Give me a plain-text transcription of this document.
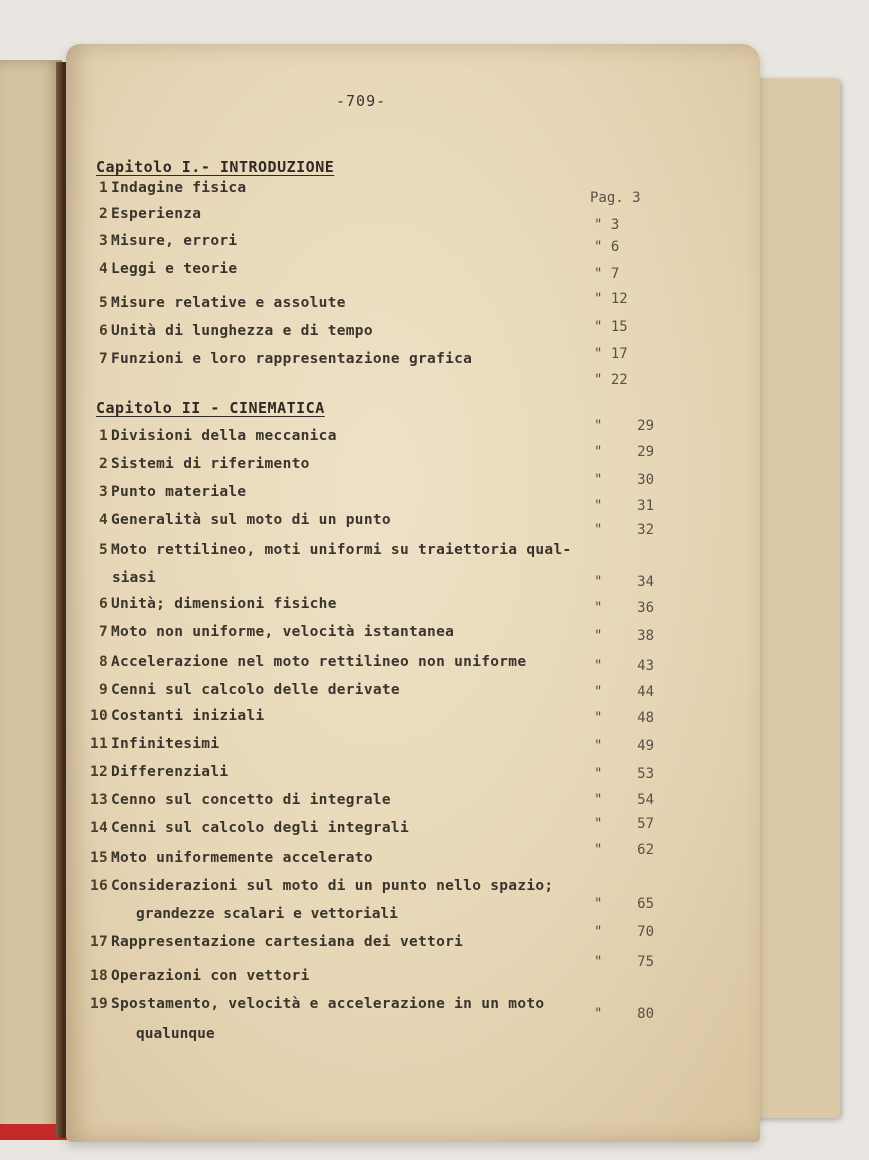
-709-
Capitolo I.- INTRODUZIONE
1 Indagine fisica
2 Esperienza
3 Misure, errori
4 Leggi e teorie
5 Misure relative e assolute
6 Unità di lunghezza e di tempo
7 Funzioni e loro rappresentazione grafica
Pag. 3
" 3
" 6
" 7
" 12
" 15
" 17
" 22
Capitolo II - CINEMATICA
1 Divisioni della meccanica
2 Sistemi di riferimento
3 Punto materiale
4 Generalità sul moto di un punto
5 Moto rettilineo, moti uniformi su traiettoria qual-
siasi
6 Unità; dimensioni fisiche
7 Moto non uniforme, velocità istantanea
8 Accelerazione nel moto rettilineo non uniforme
9 Cenni sul calcolo delle derivate
10 Costanti iniziali
11 Infinitesimi
12 Differenziali
13 Cenno sul concetto di integrale
14 Cenni sul calcolo degli integrali
15 Moto uniformemente accelerato
16 Considerazioni sul moto di un punto nello spazio;
grandezze scalari e vettoriali
17 Rappresentazione cartesiana dei vettori
18 Operazioni con vettori
19 Spostamento, velocità e accelerazione in un moto
qualunque
" 29
" 29
" 30
" 31
" 32
" 34
" 36
" 38
" 43
" 44
" 48
" 49
" 53
" 54
" 57
" 62
" 65
" 70
" 75
" 80
